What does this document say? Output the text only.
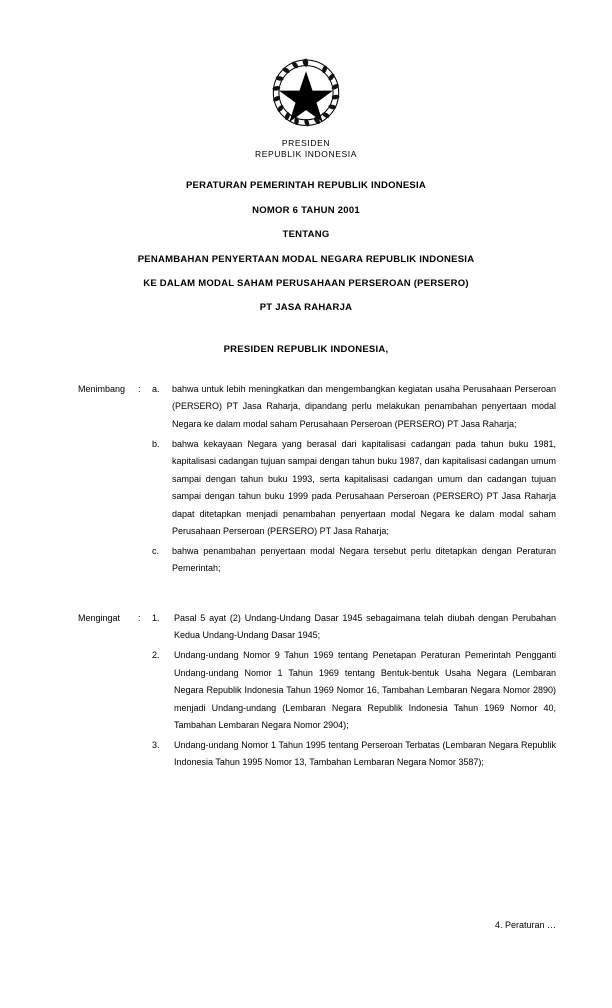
PRESIDEN
REPUBLIK INDONESIA
PERATURAN PEMERINTAH REPUBLIK INDONESIA
NOMOR 6 TAHUN 2001
TENTANG
PENAMBAHAN PENYERTAAN MODAL NEGARA REPUBLIK INDONESIA
KE DALAM MODAL SAHAM PERUSAHAAN PERSEROAN (PERSERO)
PT JASA RAHARJA
PRESIDEN REPUBLIK INDONESIA,
Menimbang	:	a.	bahwa untuk lebih meningkatkan dan mengembangkan kegiatan usaha Perusahaan Perseroan (PERSERO) PT Jasa Raharja, dipandang perlu melakukan penambahan penyertaan modal Negara ke dalam modal saham Perusahaan Perseroan (PERSERO) PT Jasa Raharja;
b.	bahwa kekayaan Negara yang berasal dari kapitalisasi cadangan pada tahun buku 1981, kapitalisasi cadangan tujuan sampai dengan tahun buku 1987, dan kapitalisasi cadangan umum sampai dengan tahun buku 1993, serta kapitalisasi cadangan umum dan cadangan tujuan sampai dengan tahun buku 1999 pada Perusahaan Perseroan (PERSERO) PT Jasa Raharja dapat ditetapkan menjadi penambahan penyertaan modal Negara ke dalam modal saham Perusahaan Perseroan (PERSERO) PT Jasa Raharja;
c.	bahwa penambahan penyertaan modal Negara tersebut perlu ditetapkan dengan Peraturan Pemerintah;
Mengingat	:	1.	Pasal 5 ayat (2) Undang-Undang Dasar 1945 sebagaimana telah diubah dengan Perubahan Kedua Undang-Undang Dasar 1945;
2.	Undang-undang Nomor 9 Tahun 1969 tentang Penetapan Peraturan Pemerintah Pengganti Undang-undang Nomor 1 Tahun 1969 tentang Bentuk-bentuk Usaha Negara (Lembaran Negara Republik Indonesia Tahun 1969 Nomor 16, Tambahan Lembaran Negara Nomor 2890) menjadi Undang-undang (Lembaran Negara Republik Indonesia Tahun 1969 Nomor 40, Tambahan Lembaran Negara Nomor 2904);
3.	Undang-undang Nomor 1 Tahun 1995 tentang Perseroan Terbatas (Lembaran Negara Republik Indonesia Tahun 1995 Nomor 13, Tambahan Lembaran Negara Nomor 3587);
4. Peraturan …
